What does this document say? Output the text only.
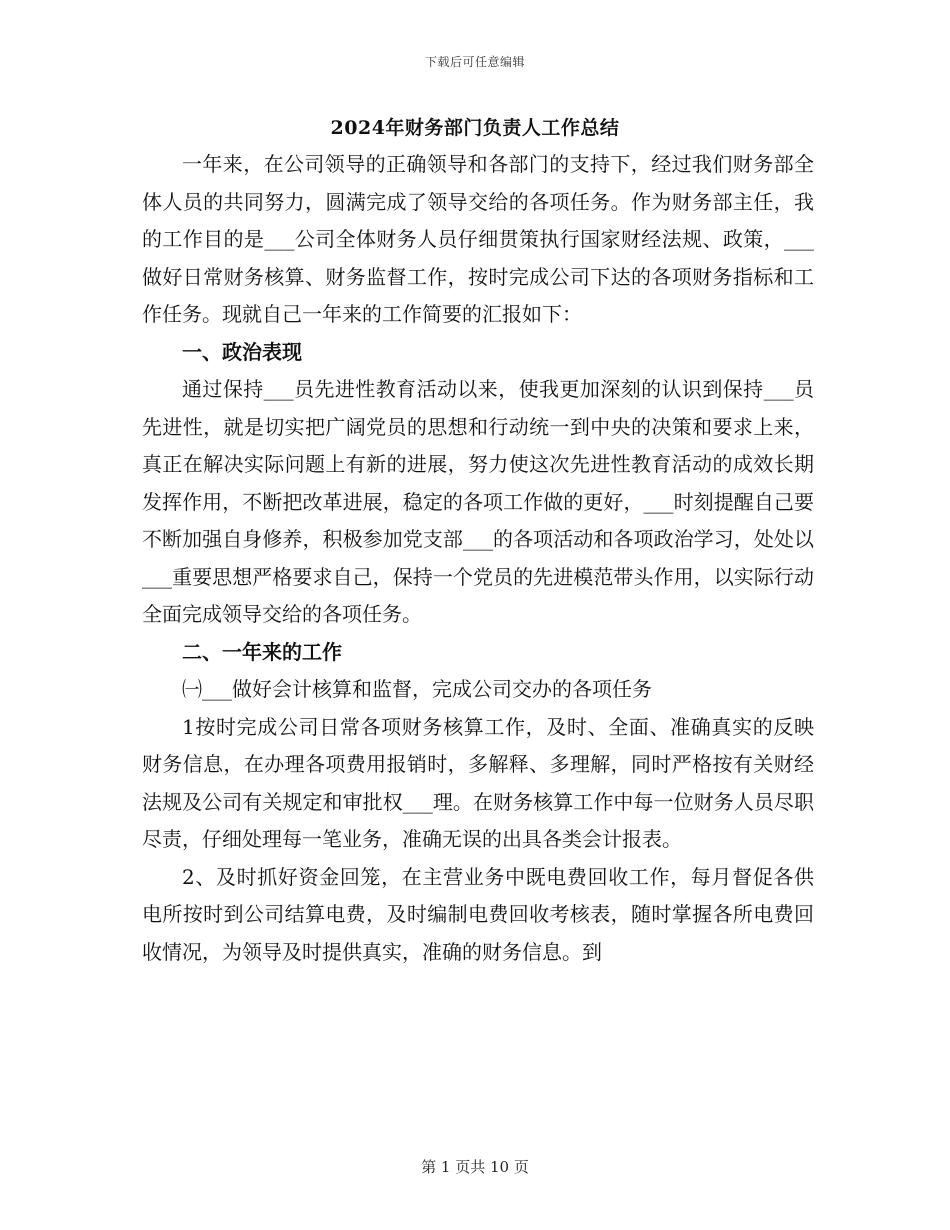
下载后可任意编辑
2024年财务部门负责人工作总结

一年来，在公司领导的正确领导和各部门的支持下，经过我们财务部全体人员的共同努力，圆满完成了领导交给的各项任务。作为财务部主任，我的工作目的是___公司全体财务人员仔细贯策执行国家财经法规、政策，___做好日常财务核算、财务监督工作，按时完成公司下达的各项财务指标和工作任务。现就自己一年来的工作简要的汇报如下：

一、政治表现

通过保持___员先进性教育活动以来，使我更加深刻的认识到保持___员先进性，就是切实把广阔党员的思想和行动统一到中央的决策和要求上来，真正在解决实际问题上有新的进展，努力使这次先进性教育活动的成效长期发挥作用，不断把改革进展，稳定的各项工作做的更好，___时刻提醒自己要不断加强自身修养，积极参加党支部___的各项活动和各项政治学习，处处以___重要思想严格要求自己，保持一个党员的先进模范带头作用，以实际行动全面完成领导交给的各项任务。

二、一年来的工作

㈠___做好会计核算和监督，完成公司交办的各项任务

1按时完成公司日常各项财务核算工作，及时、全面、准确真实的反映财务信息，在办理各项费用报销时，多解释、多理解，同时严格按有关财经法规及公司有关规定和审批权___理。在财务核算工作中每一位财务人员尽职尽责，仔细处理每一笔业务，准确无误的出具各类会计报表。

2、及时抓好资金回笼，在主营业务中既电费回收工作，每月督促各供电所按时到公司结算电费，及时编制电费回收考核表，随时掌握各所电费回收情况，为领导及时提供真实，准确的财务信息。到

第 1 页共 10 页
